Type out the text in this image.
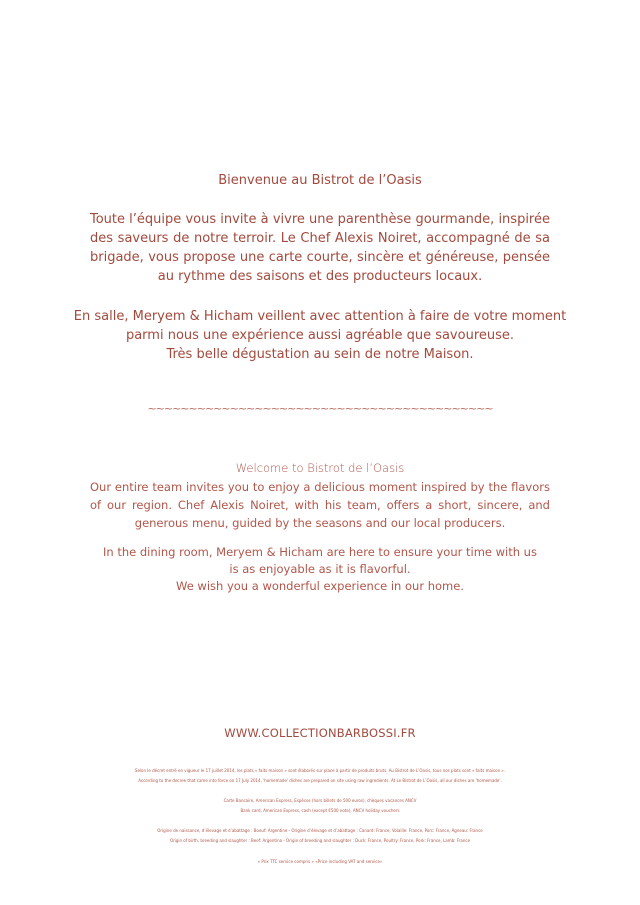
Bienvenue au Bistrot de l’Oasis
Toute l’équipe vous invite à vivre une parenthèse gourmande, inspirée des saveurs de notre terroir. Le Chef Alexis Noiret, accompagné de sa brigade, vous propose une carte courte, sincère et généreuse, pensée au rythme des saisons et des producteurs locaux.
En salle, Meryem & Hicham veillent avec attention à faire de votre moment
parmi nous une expérience aussi agréable que savoureuse.
Très belle dégustation au sein de notre Maison.
~~~~~~~~~~~~~~~~~~~~~~~~~~~~~~~~~~~~~~~~~~
Welcome to Bistrot de l’Oasis
Our entire team invites you to enjoy a delicious moment inspired by the flavors of our region. Chef Alexis Noiret, with his team, offers a short, sincere, and generous menu, guided by the seasons and our local producers.
In the dining room, Meryem & Hicham are here to ensure your time with us
is as enjoyable as it is flavorful.
We wish you a wonderful experience in our home.
WWW.COLLECTIONBARBOSSI.FR
Selon le décret entré en vigueur le 17 juillet 2014, les plats « faits maison » sont élaborés sur place à partir de produits bruts. Au Bistrot de L’Oasis, tous nos plats sont « faits maison ».
According to the decree that came into force on 17 July 2014, 'homemade' dishes are prepared on site using raw ingredients. At Le Bistrot de L’Oasis, all our dishes are 'homemade'.
Carte Bancaire, American Express, Espèces (hors billets de 500 euros), chèques vacances ANCV
Bank card, American Express, cash (except €500 note), ANCV holiday vouchers
Origine de naissance, d’élevage et d’abattage : Boeuf: Argentine - Origine d’élevage et d’abattage : Canard: France, Volaille: France, Porc: France, Agneau: France
Origin of birth, breeding and slaughter : Beef: Argentina - Origin of breeding and slaughter : Duck: France, Poultry: France, Pork: France, Lamb: France
« Prix TTC service compris » «Price including VAT and service»
